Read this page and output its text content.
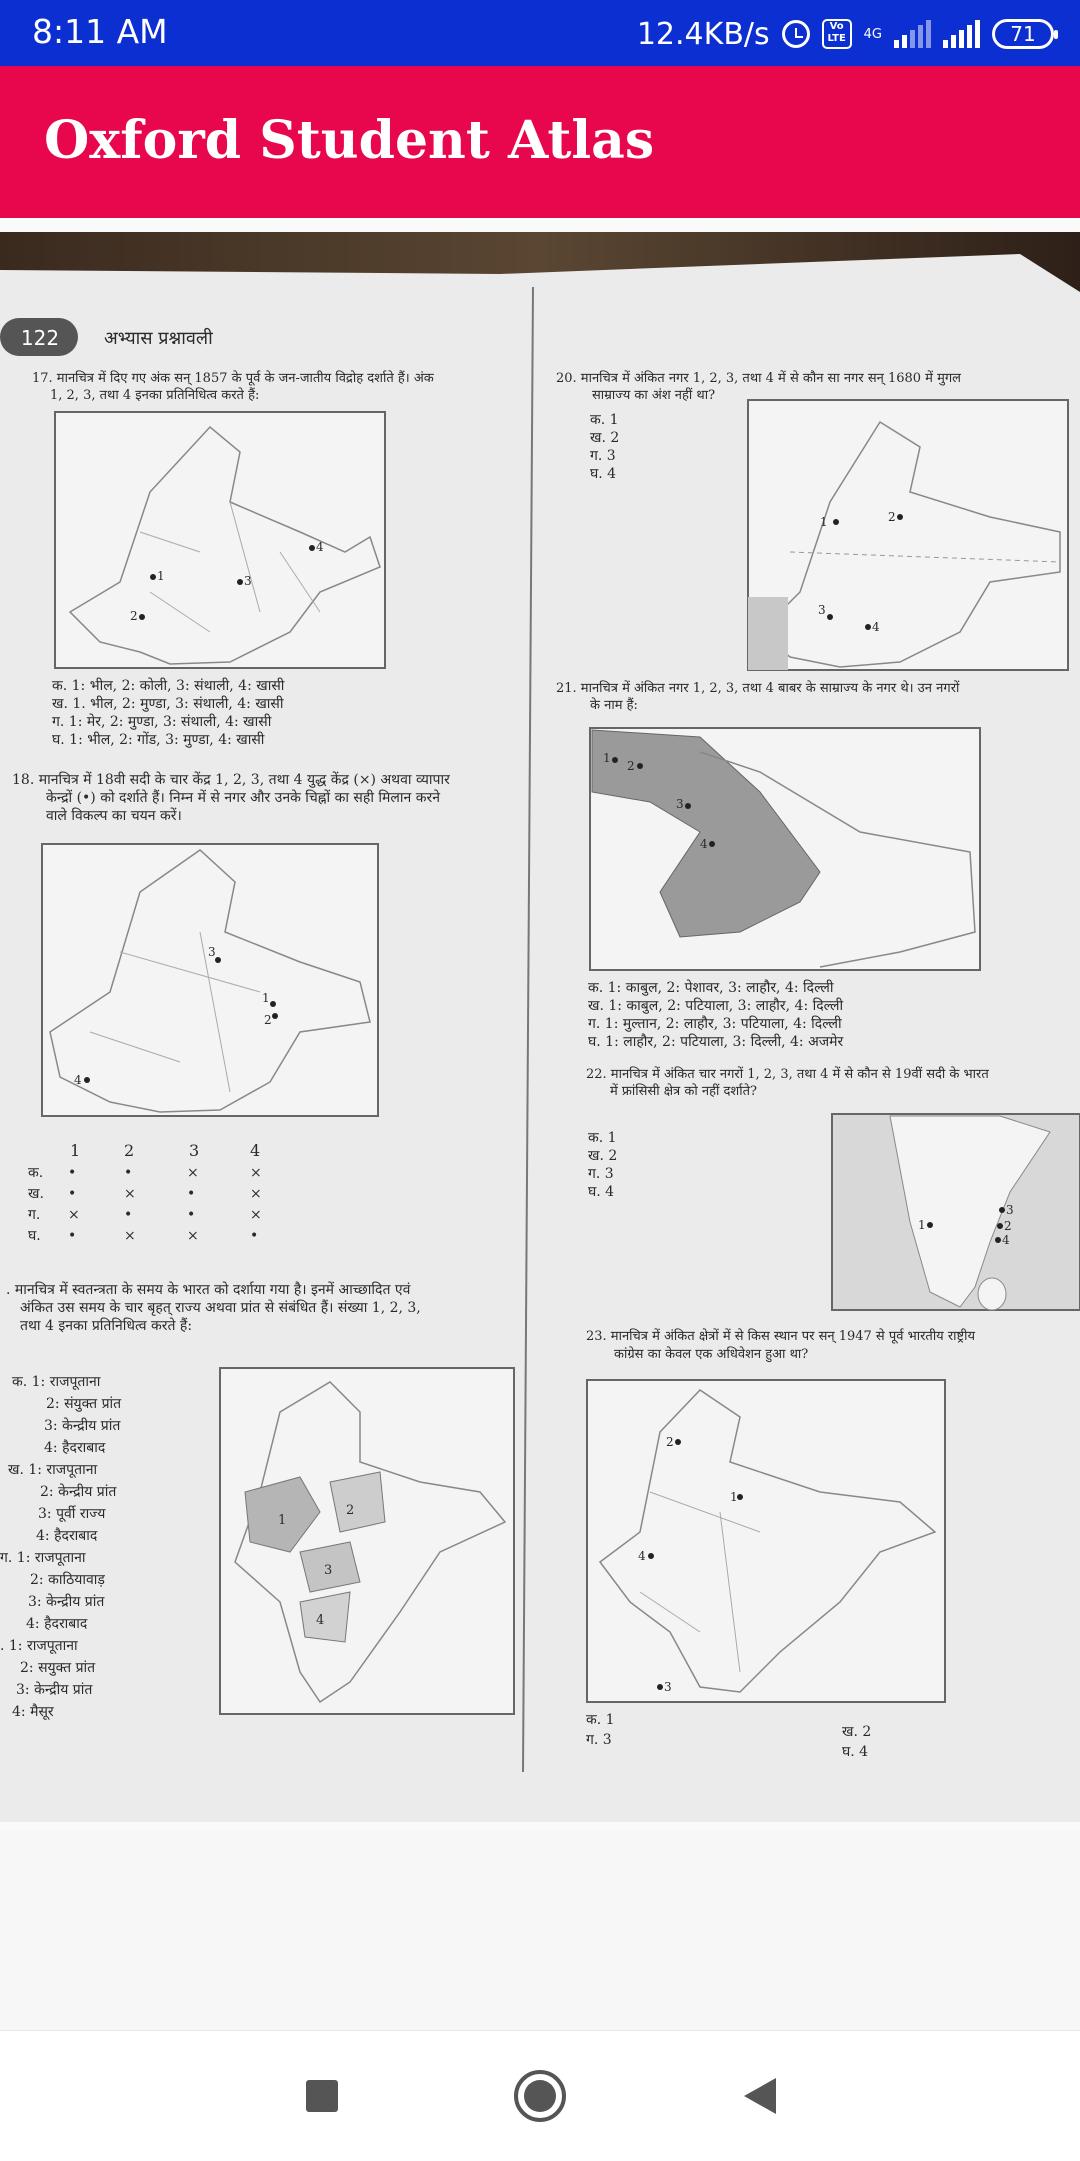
8:11 AM	12.4KB/s	Vo LTE	4G	71
Oxford Student Atlas
122 अभ्यास प्रश्नावली
17. मानचित्र में दिए गए अंक सन् 1857 के पूर्व के जन-जातीय विद्रोह दर्शाते हैं। अंक
1, 2, 3, तथा 4 इनका प्रतिनिधित्व करते हैं:
1
2
3
4
क. 1: भील, 2: कोली, 3: संथाली, 4: खासी
ख. 1. भील, 2: मुण्डा, 3: संथाली, 4: खासी
ग. 1: मेर, 2: मुण्डा, 3: संथाली, 4: खासी
घ. 1: भील, 2: गोंड, 3: मुण्डा, 4: खासी
18. मानचित्र में 18वी सदी के चार केंद्र 1, 2, 3, तथा 4 युद्ध केंद्र (×) अथवा व्यापार
केन्द्रों (•) को दर्शाते हैं। निम्न में से नगर और उनके चिह्नों का सही मिलान करने
वाले विकल्प का चयन करें।
1
2
3
4
1	2	3	4
क. •	•	×	×
ख. •	×	•	×
ग. ×	•	•	×
घ. •	×	×	•
. मानचित्र में स्वतन्त्रता के समय के भारत को दर्शाया गया है। इनमें आच्छादित एवं
अंकित उस समय के चार बृहत् राज्य अथवा प्रांत से संबंधित हैं। संख्या 1, 2, 3,
तथा 4 इनका प्रतिनिधित्व करते हैं:
क. 1: राजपूताना
2: संयुक्त प्रांत
3: केन्द्रीय प्रांत
4: हैदराबाद
ख. 1: राजपूताना
2: केन्द्रीय प्रांत
3: पूर्वी राज्य
4: हैदराबाद
ग. 1: राजपूताना
2: काठियावाड़
3: केन्द्रीय प्रांत
4: हैदराबाद
. 1: राजपूताना
2: सयुक्त प्रांत
3: केन्द्रीय प्रांत
4: मैसूर
1
2
3
4
20. मानचित्र में अंकित नगर 1, 2, 3, तथा 4 में से कौन सा नगर सन् 1680 में मुगल
साम्राज्य का अंश नहीं था?
क. 1
ख. 2
ग. 3
घ. 4
1	2
3
4
21. मानचित्र में अंकित नगर 1, 2, 3, तथा 4 बाबर के साम्राज्य के नगर थे। उन नगरों
के नाम हैं:
1
2
3
4
क. 1: काबुल, 2: पेशावर, 3: लाहौर, 4: दिल्ली
ख. 1: काबुल, 2: पटियाला, 3: लाहौर, 4: दिल्ली
ग. 1: मुल्तान, 2: लाहौर, 3: पटियाला, 4: दिल्ली
घ. 1: लाहौर, 2: पटियाला, 3: दिल्ली, 4: अजमेर
22. मानचित्र में अंकित चार नगरों 1, 2, 3, तथा 4 में से कौन से 19वीं सदी के भारत
में फ्रांसिसी क्षेत्र को नहीं दर्शाते?
क. 1
ख. 2
ग. 3
घ. 4
1	2
3
4
23. मानचित्र में अंकित क्षेत्रों में से किस स्थान पर सन् 1947 से पूर्व भारतीय राष्ट्रीय
कांग्रेस का केवल एक अधिवेशन हुआ था?
2
1
4
3
क. 1
ग. 3	ख. 2
घ. 4
